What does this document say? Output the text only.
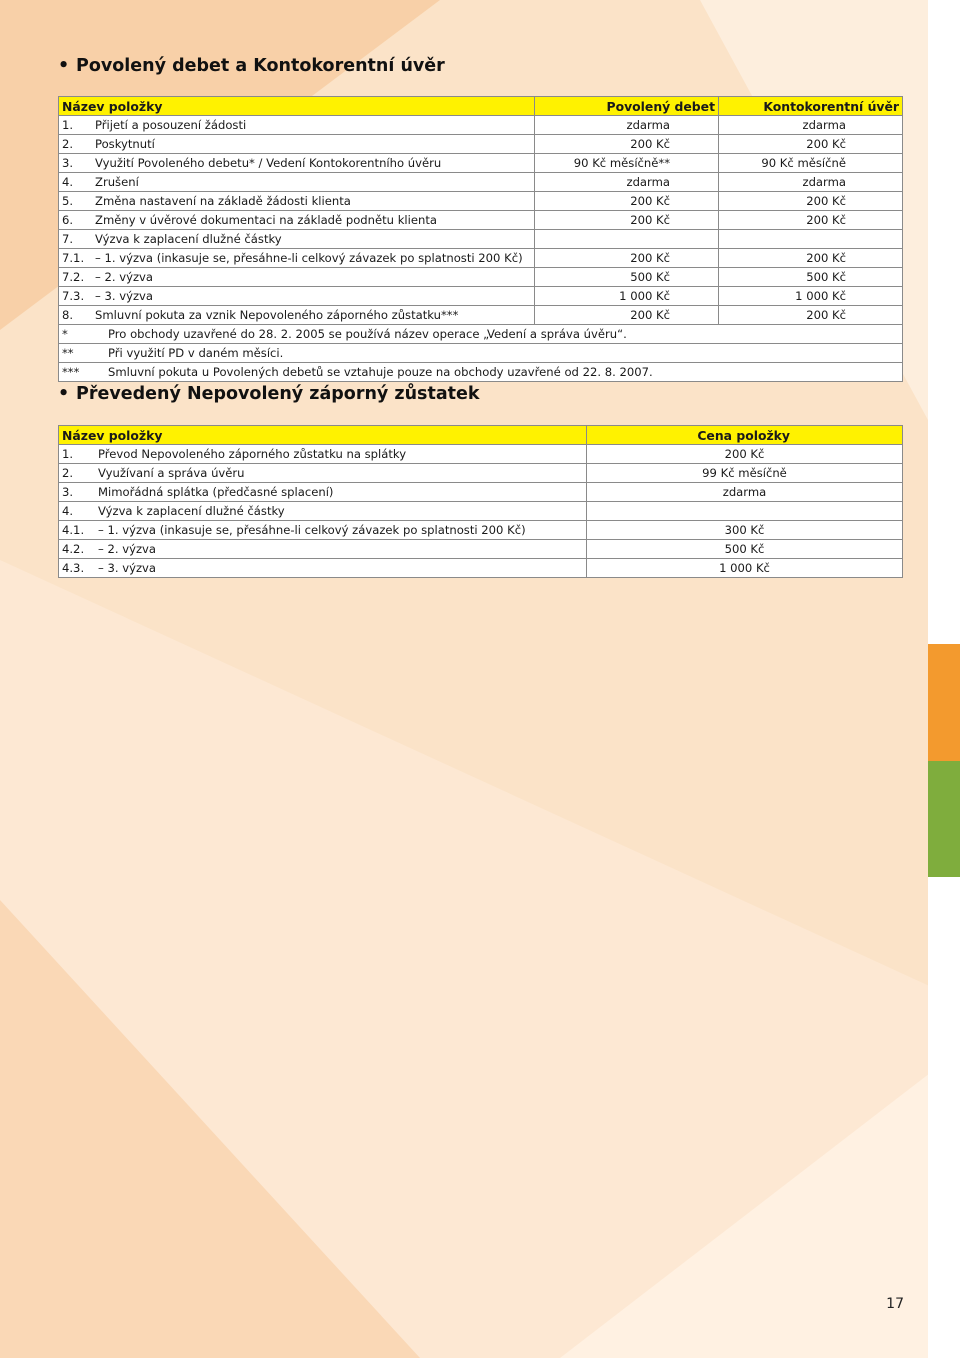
• Povolený debet a Kontokorentní úvěr
Název položky	Povolený debet	Kontokorentní úvěr
1. Přijetí a posouzení žádosti	zdarma	zdarma
2. Poskytnutí	200 Kč	200 Kč
3. Využití Povoleného debetu* / Vedení Kontokorentního úvěru	90 Kč měsíčně**	90 Kč měsíčně
4. Zrušení	zdarma	zdarma
5. Změna nastavení na základě žádosti klienta	200 Kč	200 Kč
6. Změny v úvěrové dokumentaci na základě podnětu klienta	200 Kč	200 Kč
7. Výzva k zaplacení dlužné částky		
7.1. – 1. výzva (inkasuje se, přesáhne-li celkový závazek po splatnosti 200 Kč)	200 Kč	200 Kč
7.2. – 2. výzva	500 Kč	500 Kč
7.3. – 3. výzva	1 000 Kč	1 000 Kč
8. Smluvní pokuta za vznik Nepovoleného záporného zůstatku***	200 Kč	200 Kč
* Pro obchody uzavřené do 28. 2. 2005 se používá název operace „Vedení a správa úvěru“.		
** Při využití PD v daném měsíci.		
*** Smluvní pokuta u Povolených debetů se vztahuje pouze na obchody uzavřené od 22. 8. 2007.		
• Převedený Nepovolený záporný zůstatek
Název položky	Cena položky
1. Převod Nepovoleného záporného zůstatku na splátky	200 Kč
2. Využívaní a správa úvěru	99 Kč měsíčně
3. Mimořádná splátka (předčasné splacení)	zdarma
4. Výzva k zaplacení dlužné částky	
4.1. – 1. výzva (inkasuje se, přesáhne-li celkový závazek po splatnosti 200 Kč)	300 Kč
4.2. – 2. výzva	500 Kč
4.3. – 3. výzva	1 000 Kč
17
